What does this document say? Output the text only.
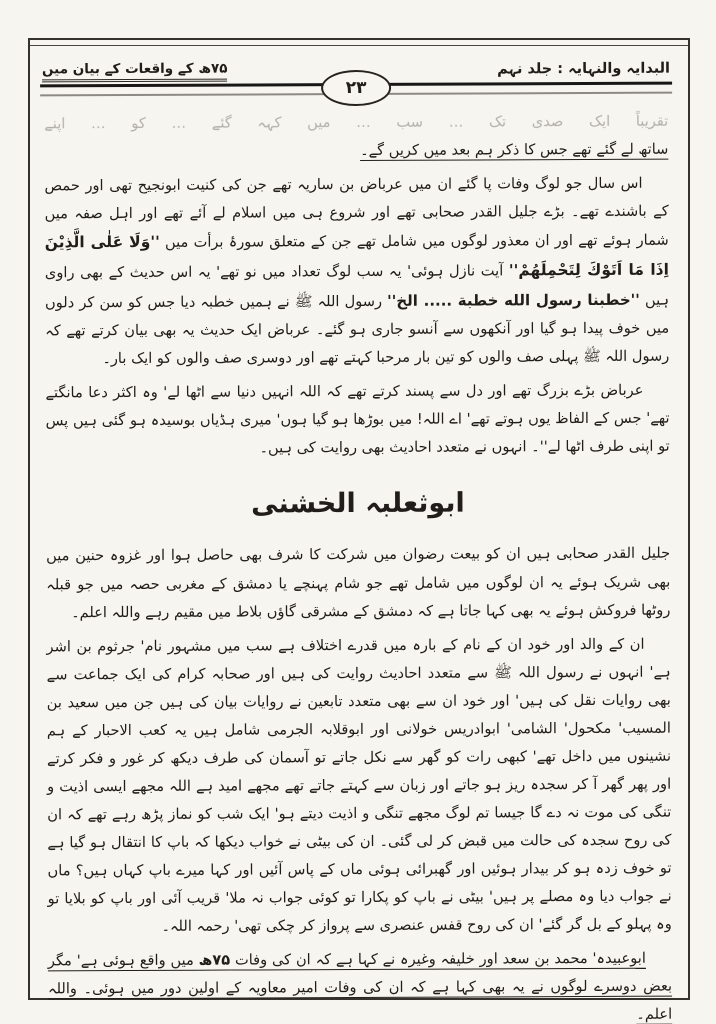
البدایہ والنہایہ : جلد نہم
۷۵ھ کے واقعات کے بیان میں
۲۳

تقریباً ایک صدی تک … سب … میں کہہ گئے … کو … اپنے
ساتھ لے گئے تھے جس کا ذکر ہم بعد میں کریں گے۔

اس سال جو لوگ وفات پا گئے ان میں عرباض بن ساریہ تھے جن کی کنیت ابونجیح تھی اور حمص کے باشندے تھے۔ بڑے جلیل القدر صحابی تھے اور شروع ہی میں اسلام لے آئے تھے اور اہل صفہ میں شمار ہوئے تھے اور ان معذور لوگوں میں شامل تھے جن کے متعلق سورۂ برأت میں ''وَلَا عَلٰى الَّذِيْنَ اِذَا مَا اَتَوْكَ لِتَحْمِلَهُمْ'' آیت نازل ہوئی' یہ سب لوگ تعداد میں نو تھے' یہ اس حدیث کے بھی راوی ہیں ''خطبنا رسول الله خطبة ..... الخ'' رسول اللہ ﷺ نے ہمیں خطبہ دیا جس کو سن کر دلوں میں خوف پیدا ہو گیا اور آنکھوں سے آنسو جاری ہو گئے۔ عرباض ایک حدیث یہ بھی بیان کرتے تھے کہ رسول اللہ ﷺ پہلی صف والوں کو تین بار مرحبا کہتے تھے اور دوسری صف والوں کو ایک بار۔

عرباض بڑے بزرگ تھے اور دل سے پسند کرتے تھے کہ اللہ انہیں دنیا سے اٹھا لے' وہ اکثر دعا مانگتے تھے' جس کے الفاظ یوں ہوتے تھے' اے اللہ! میں بوڑھا ہو گیا ہوں' میری ہڈیاں بوسیدہ ہو گئی ہیں پس تو اپنی طرف اٹھا لے''۔ انہوں نے متعدد احادیث بھی روایت کی ہیں۔

ابوثعلبہ الخشنی

جلیل القدر صحابی ہیں ان کو بیعت رضوان میں شرکت کا شرف بھی حاصل ہوا اور غزوہ حنین میں بھی شریک ہوئے یہ ان لوگوں میں شامل تھے جو شام پہنچے یا دمشق کے مغربی حصہ میں جو قبلہ روٹھا فروکش ہوئے یہ بھی کہا جاتا ہے کہ دمشق کے مشرقی گاؤں بلاط میں مقیم رہے واللہ اعلم۔

ان کے والد اور خود ان کے نام کے بارہ میں قدرے اختلاف ہے سب میں مشہور نام' جرثوم بن اشر ہے' انہوں نے رسول اللہ ﷺ سے متعدد احادیث روایت کی ہیں اور صحابہ کرام کی ایک جماعت سے بھی روایات نقل کی ہیں' اور خود ان سے بھی متعدد تابعین نے روایات بیان کی ہیں جن میں سعید بن المسیب' مکحول' الشامی' ابوادریس خولانی اور ابوقلابہ الجرمی شامل ہیں یہ کعب الاحبار کے ہم نشینوں میں داخل تھے' کبھی رات کو گھر سے نکل جاتے تو آسمان کی طرف دیکھ کر غور و فکر کرتے اور پھر گھر آ کر سجدہ ریز ہو جاتے اور زبان سے کہتے جاتے تھے مجھے امید ہے اللہ مجھے ایسی اذیت و تنگی کی موت نہ دے گا جیسا تم لوگ مجھے تنگی و اذیت دیتے ہو' ایک شب کو نماز پڑھ رہے تھے کہ ان کی روح سجدہ کی حالت میں قبض کر لی گئی۔ ان کی بیٹی نے خواب دیکھا کہ باپ کا انتقال ہو گیا ہے تو خوف زدہ ہو کر بیدار ہوئیں اور گھبرائی ہوئی ماں کے پاس آئیں اور کہا میرے باپ کہاں ہیں؟ ماں نے جواب دیا وہ مصلے پر ہیں' بیٹی نے باپ کو پکارا تو کوئی جواب نہ ملا' قریب آئی اور باپ کو بلایا تو وہ پہلو کے بل گر گئے' ان کی روح قفس عنصری سے پرواز کر چکی تھی' رحمہ اللہ۔

ابوعبیدہ' محمد بن سعد اور خلیفہ وغیرہ نے کہا ہے کہ ان کی وفات ۷۵ھ میں واقع ہوئی ہے' مگر بعض دوسرے لوگوں نے یہ بھی کہا ہے کہ ان کی وفات امیر معاویہ کے اولین دور میں ہوئی۔ واللہ اعلم۔
